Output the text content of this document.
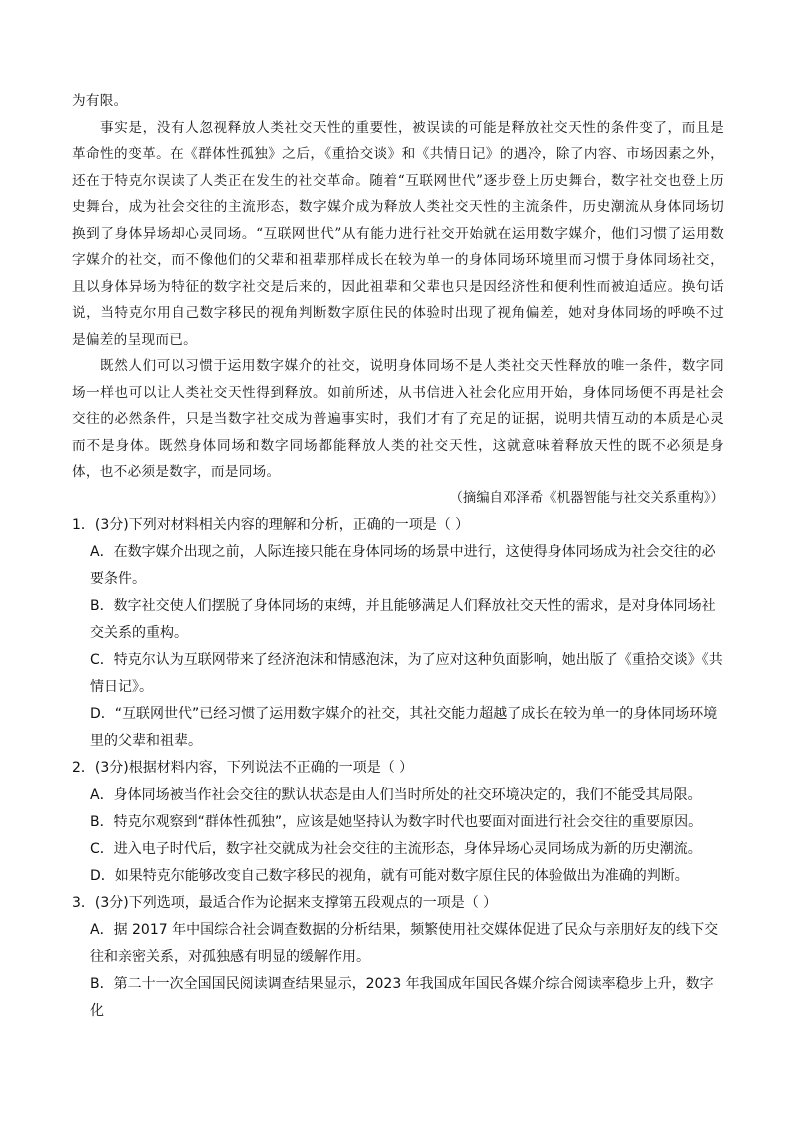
为有限。

事实是，没有人忽视释放人类社交天性的重要性，被误读的可能是释放社交天性的条件变了，而且是革命性的变革。在《群体性孤独》之后，《重拾交谈》和《共情日记》的遇冷，除了内容、市场因素之外，还在于特克尔误读了人类正在发生的社交革命。随着“互联网世代”逐步登上历史舞台，数字社交也登上历史舞台，成为社会交往的主流形态，数字媒介成为释放人类社交天性的主流条件，历史潮流从身体同场切换到了身体异场却心灵同场。“互联网世代”从有能力进行社交开始就在运用数字媒介，他们习惯了运用数字媒介的社交，而不像他们的父辈和祖辈那样成长在较为单一的身体同场环境里而习惯于身体同场社交，且以身体异场为特征的数字社交是后来的，因此祖辈和父辈也只是因经济性和便利性而被迫适应。换句话说，当特克尔用自己数字移民的视角判断数字原住民的体验时出现了视角偏差，她对身体同场的呼唤不过是偏差的呈现而已。

既然人们可以习惯于运用数字媒介的社交，说明身体同场不是人类社交天性释放的唯一条件，数字同场一样也可以让人类社交天性得到释放。如前所述，从书信进入社会化应用开始，身体同场便不再是社会交往的必然条件，只是当数字社交成为普遍事实时，我们才有了充足的证据，说明共情互动的本质是心灵而不是身体。既然身体同场和数字同场都能释放人类的社交天性，这就意味着释放天性的既不必须是身体，也不必须是数字，而是同场。

（摘编自邓泽希《机器智能与社交关系重构》）

1．(3分)下列对材料相关内容的理解和分析，正确的一项是（ ）

A．在数字媒介出现之前，人际连接只能在身体同场的场景中进行，这使得身体同场成为社会交往的必要条件。

B．数字社交使人们摆脱了身体同场的束缚，并且能够满足人们释放社交天性的需求，是对身体同场社交关系的重构。

C．特克尔认为互联网带来了经济泡沫和情感泡沫，为了应对这种负面影响，她出版了《重拾交谈》《共情日记》。

D．“互联网世代”已经习惯了运用数字媒介的社交，其社交能力超越了成长在较为单一的身体同场环境里的父辈和祖辈。

2．(3分)根据材料内容，下列说法不正确的一项是（ ）

A．身体同场被当作社会交往的默认状态是由人们当时所处的社交环境决定的，我们不能受其局限。

B．特克尔观察到“群体性孤独”，应该是她坚持认为数字时代也要面对面进行社会交往的重要原因。

C．进入电子时代后，数字社交就成为社会交往的主流形态，身体异场心灵同场成为新的历史潮流。

D．如果特克尔能够改变自己数字移民的视角，就有可能对数字原住民的体验做出为准确的判断。

3．(3分)下列选项，最适合作为论据来支撑第五段观点的一项是（ ）

A．据 2017 年中国综合社会调查数据的分析结果，频繁使用社交媒体促进了民众与亲朋好友的线下交往和亲密关系，对孤独感有明显的缓解作用。

B．第二十一次全国国民阅读调查结果显示，2023 年我国成年国民各媒介综合阅读率稳步上升，数字化
